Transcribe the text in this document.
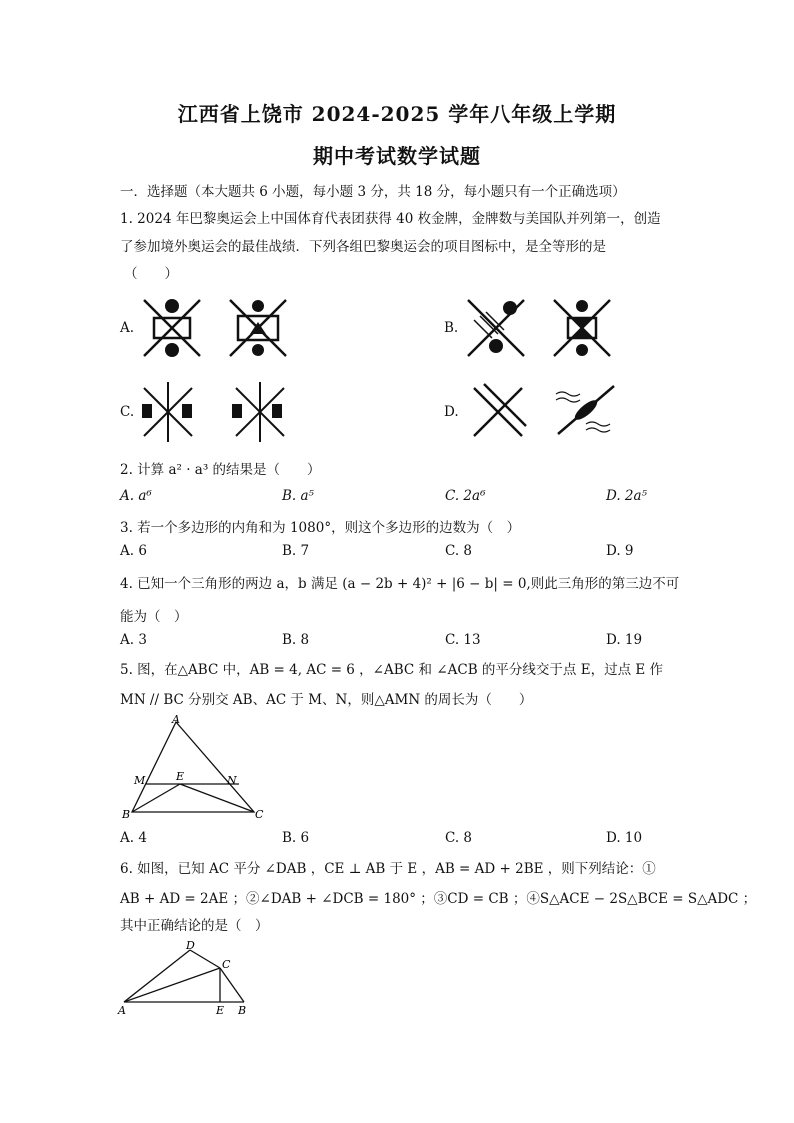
江西省上饶市 2024-2025 学年八年级上学期
期中考试数学试题
一．选择题（本大题共 6 小题，每小题 3 分，共 18 分，每小题只有一个正确选项）
1. 2024 年巴黎奥运会上中国体育代表团获得 40 枚金牌，金牌数与美国队并列第一，创造
了参加境外奥运会的最佳战绩．下列各组巴黎奥运会的项目图标中，是全等形的是
（　　）
A.	B.
C.	D.
2. 计算 a² · a³ 的结果是（　　）
A. a⁶	B. a⁵	C. 2a⁶	D. 2a⁵
3. 若一个多边形的内角和为 1080°，则这个多边形的边数为（　）
A. 6	B. 7	C. 8	D. 9
4. 已知一个三角形的两边 a，b 满足 (a − 2b + 4)² + |6 − b| = 0,则此三角形的第三边不可
能为（　）
A. 3	B. 8	C. 13	D. 19
5. 图，在△ABC 中，AB = 4, AC = 6 ，∠ABC 和 ∠ACB 的平分线交于点 E，过点 E 作
MN // BC 分别交 AB、AC 于 M、N，则△AMN 的周长为（　　）
A
M	E	N
B	C
A. 4	B. 6	C. 8	D. 10
6. 如图，已知 AC 平分 ∠DAB ，CE ⊥ AB 于 E ，AB = AD + 2BE ，则下列结论：①
AB + AD = 2AE ；②∠DAB + ∠DCB = 180° ；③CD = CB ；④S△ACE − 2S△BCE = S△ADC ；
其中正确结论的是（　）
D
C
A	E B
